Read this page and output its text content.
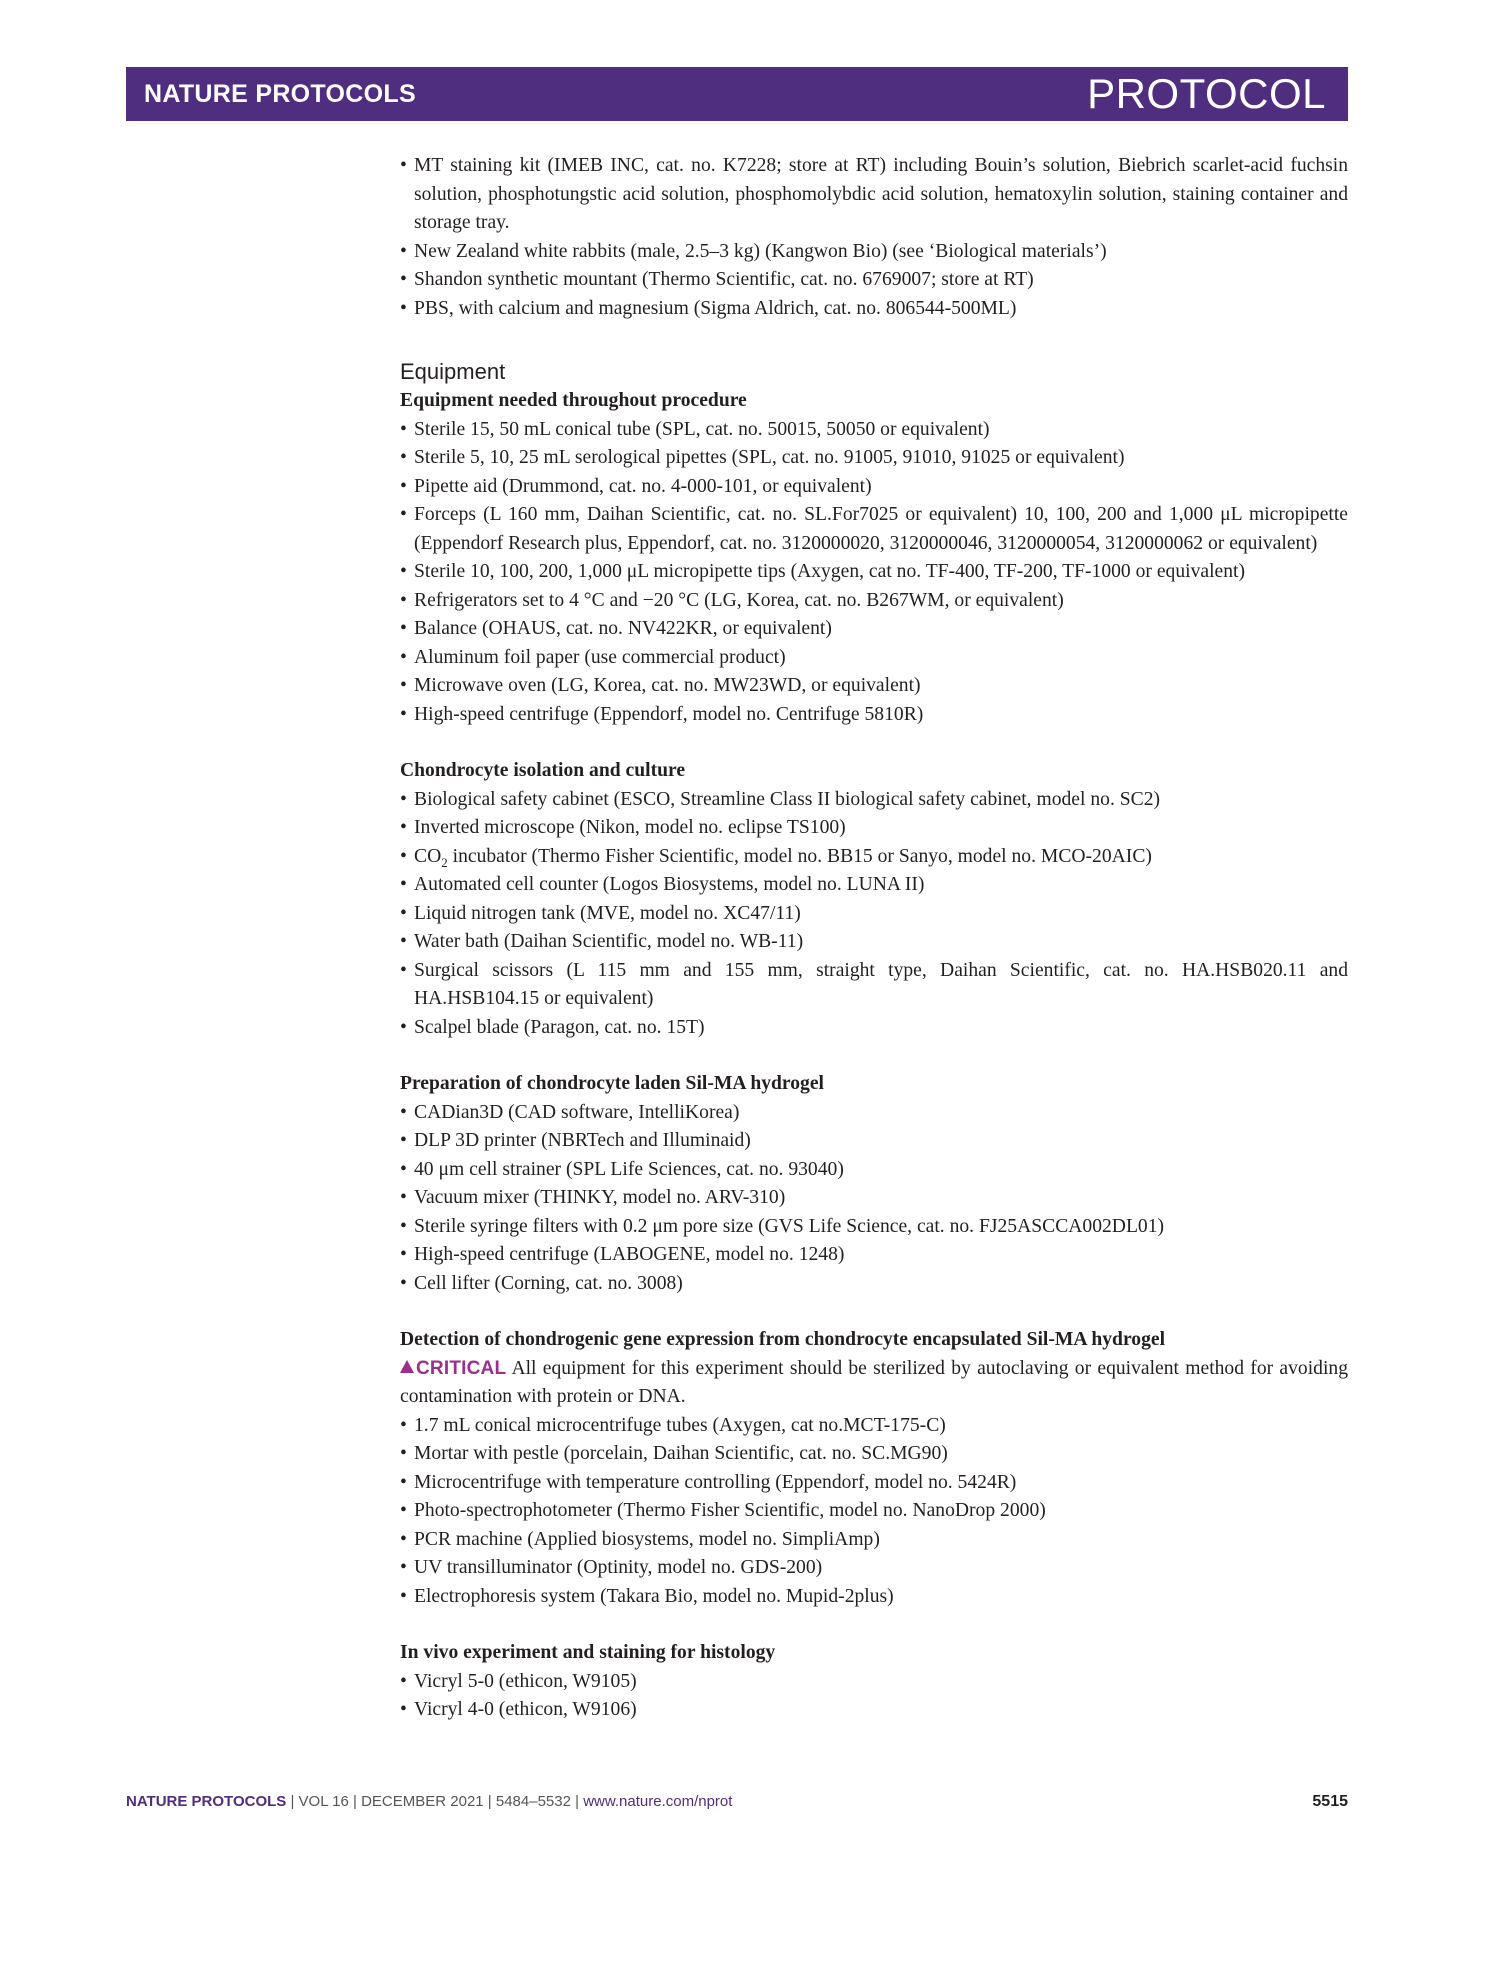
NATURE PROTOCOLS	PROTOCOL
• MT staining kit (IMEB INC, cat. no. K7228; store at RT) including Bouin’s solution, Biebrich scarlet-acid fuchsin solution, phosphotungstic acid solution, phosphomolybdic acid solution, hematoxylin solution, staining container and storage tray.
• New Zealand white rabbits (male, 2.5–3 kg) (Kangwon Bio) (see ‘Biological materials’)
• Shandon synthetic mountant (Thermo Scientific, cat. no. 6769007; store at RT)
• PBS, with calcium and magnesium (Sigma Aldrich, cat. no. 806544-500ML)
Equipment
Equipment needed throughout procedure
• Sterile 15, 50 mL conical tube (SPL, cat. no. 50015, 50050 or equivalent)
• Sterile 5, 10, 25 mL serological pipettes (SPL, cat. no. 91005, 91010, 91025 or equivalent)
• Pipette aid (Drummond, cat. no. 4-000-101, or equivalent)
• Forceps (L 160 mm, Daihan Scientific, cat. no. SL.For7025 or equivalent) 10, 100, 200 and 1,000 μL micropipette (Eppendorf Research plus, Eppendorf, cat. no. 3120000020, 3120000046, 3120000054, 3120000062 or equivalent)
• Sterile 10, 100, 200, 1,000 μL micropipette tips (Axygen, cat no. TF-400, TF-200, TF-1000 or equivalent)
• Refrigerators set to 4 °C and −20 °C (LG, Korea, cat. no. B267WM, or equivalent)
• Balance (OHAUS, cat. no. NV422KR, or equivalent)
• Aluminum foil paper (use commercial product)
• Microwave oven (LG, Korea, cat. no. MW23WD, or equivalent)
• High-speed centrifuge (Eppendorf, model no. Centrifuge 5810R)
Chondrocyte isolation and culture
• Biological safety cabinet (ESCO, Streamline Class II biological safety cabinet, model no. SC2)
• Inverted microscope (Nikon, model no. eclipse TS100)
• $CO_2$ incubator (Thermo Fisher Scientific, model no. BB15 or Sanyo, model no. MCO-20AIC)
• Automated cell counter (Logos Biosystems, model no. LUNA II)
• Liquid nitrogen tank (MVE, model no. XC47/11)
• Water bath (Daihan Scientific, model no. WB-11)
• Surgical scissors (L 115 mm and 155 mm, straight type, Daihan Scientific, cat. no. HA.HSB020.11 and HA.HSB104.15 or equivalent)
• Scalpel blade (Paragon, cat. no. 15T)
Preparation of chondrocyte laden Sil-MA hydrogel
• CADian3D (CAD software, IntelliKorea)
• DLP 3D printer (NBRTech and Illuminaid)
• 40 μm cell strainer (SPL Life Sciences, cat. no. 93040)
• Vacuum mixer (THINKY, model no. ARV-310)
• Sterile syringe filters with 0.2 μm pore size (GVS Life Science, cat. no. FJ25ASCCA002DL01)
• High-speed centrifuge (LABOGENE, model no. 1248)
• Cell lifter (Corning, cat. no. 3008)
Detection of chondrogenic gene expression from chondrocyte encapsulated Sil-MA hydrogel
CRITICAL All equipment for this experiment should be sterilized by autoclaving or equivalent method for avoiding contamination with protein or DNA.
• 1.7 mL conical microcentrifuge tubes (Axygen, cat no.MCT-175-C)
• Mortar with pestle (porcelain, Daihan Scientific, cat. no. SC.MG90)
• Microcentrifuge with temperature controlling (Eppendorf, model no. 5424R)
• Photo-spectrophotometer (Thermo Fisher Scientific, model no. NanoDrop 2000)
• PCR machine (Applied biosystems, model no. SimpliAmp)
• UV transilluminator (Optinity, model no. GDS-200)
• Electrophoresis system (Takara Bio, model no. Mupid-2plus)
In vivo experiment and staining for histology
• Vicryl 5-0 (ethicon, W9105)
• Vicryl 4-0 (ethicon, W9106)
NATURE PROTOCOLS | VOL 16 | DECEMBER 2021 | 5484–5532 | www.nature.com/nprot	5515
